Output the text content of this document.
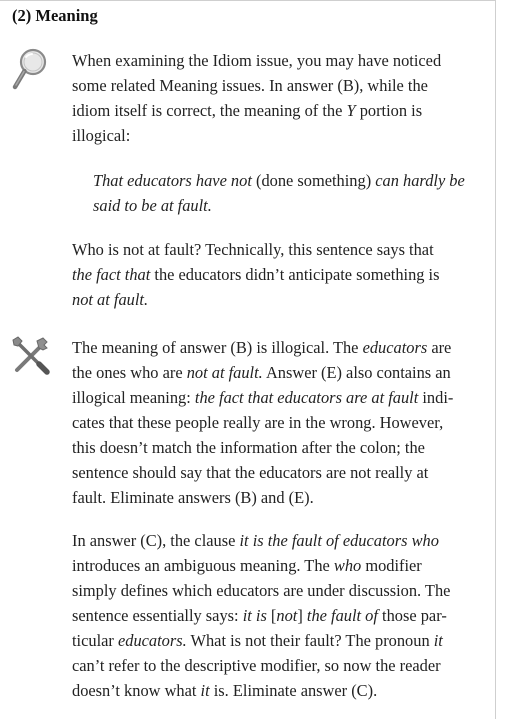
(2) Meaning

When examining the Idiom issue, you may have noticed
some related Meaning issues. In answer (B), while the
idiom itself is correct, the meaning of the Y portion is
illogical:

That educators have not (done something) can hardly be
said to be at fault.

Who is not at fault? Technically, this sentence says that
the fact that the educators didn’t anticipate something is
not at fault.

The meaning of answer (B) is illogical. The educators are
the ones who are not at fault. Answer (E) also contains an
illogical meaning: the fact that educators are at fault indi-
cates that these people really are in the wrong. However,
this doesn’t match the information after the colon; the
sentence should say that the educators are not really at
fault. Eliminate answers (B) and (E).

In answer (C), the clause it is the fault of educators who
introduces an ambiguous meaning. The who modifier
simply defines which educators are under discussion. The
sentence essentially says: it is [not] the fault of those par-
ticular educators. What is not their fault? The pronoun it
can’t refer to the descriptive modifier, so now the reader
doesn’t know what it is. Eliminate answer (C).
